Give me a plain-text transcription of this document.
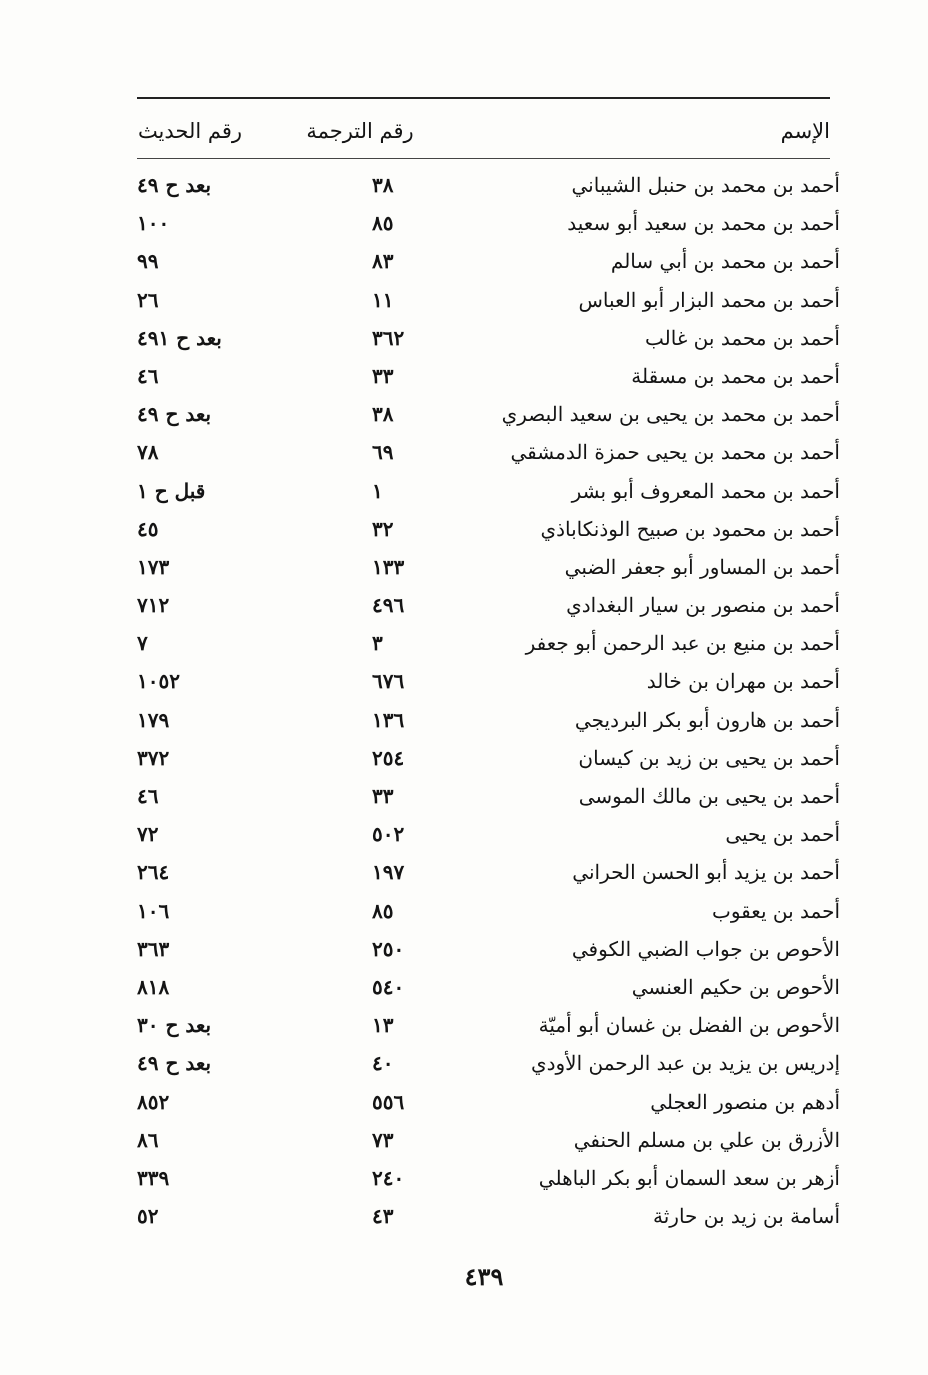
الإسم
رقم الترجمة
رقم الحديث
أحمد بن محمد بن حنبل الشيباني
٣٨
بعد ح ٤٩
أحمد بن محمد بن سعيد أبو سعيد
٨٥
١٠٠
أحمد بن محمد بن أبي سالم
٨٣
٩٩
أحمد بن محمد البزار أبو العباس
١١
٢٦
أحمد بن محمد بن غالب
٣٦٢
بعد ح ٤٩١
أحمد بن محمد بن مسقلة
٣٣
٤٦
أحمد بن محمد بن يحيى بن سعيد البصري
٣٨
بعد ح ٤٩
أحمد بن محمد بن يحيى حمزة الدمشقي
٦٩
٧٨
أحمد بن محمد المعروف أبو بشر
١
قبل ح ١
أحمد بن محمود بن صبيح الوذنكاباذي
٣٢
٤٥
أحمد بن المساور أبو جعفر الضبي
١٣٣
١٧٣
أحمد بن منصور بن سيار البغدادي
٤٩٦
٧١٢
أحمد بن منيع بن عبد الرحمن أبو جعفر
٣
٧
أحمد بن مهران بن خالد
٦٧٦
١٠٥٢
أحمد بن هارون أبو بكر البرديجي
١٣٦
١٧٩
أحمد بن يحيى بن زيد بن كيسان
٢٥٤
٣٧٢
أحمد بن يحيى بن مالك الموسى
٣٣
٤٦
أحمد بن يحيى
٥٠٢
٧٢
أحمد بن يزيد أبو الحسن الحراني
١٩٧
٢٦٤
أحمد بن يعقوب
٨٥
١٠٦
الأحوص بن جواب الضبي الكوفي
٢٥٠
٣٦٣
الأحوص بن حكيم العنسي
٥٤٠
٨١٨
الأحوص بن الفضل بن غسان أبو أميّة
١٣
بعد ح ٣٠
إدريس بن يزيد بن عبد الرحمن الأودي
٤٠
بعد ح ٤٩
أدهم بن منصور العجلي
٥٥٦
٨٥٢
الأزرق بن علي بن مسلم الحنفي
٧٣
٨٦
أزهر بن سعد السمان أبو بكر الباهلي
٢٤٠
٣٣٩
أسامة بن زيد بن حارثة
٤٣
٥٢
٤٣٩
